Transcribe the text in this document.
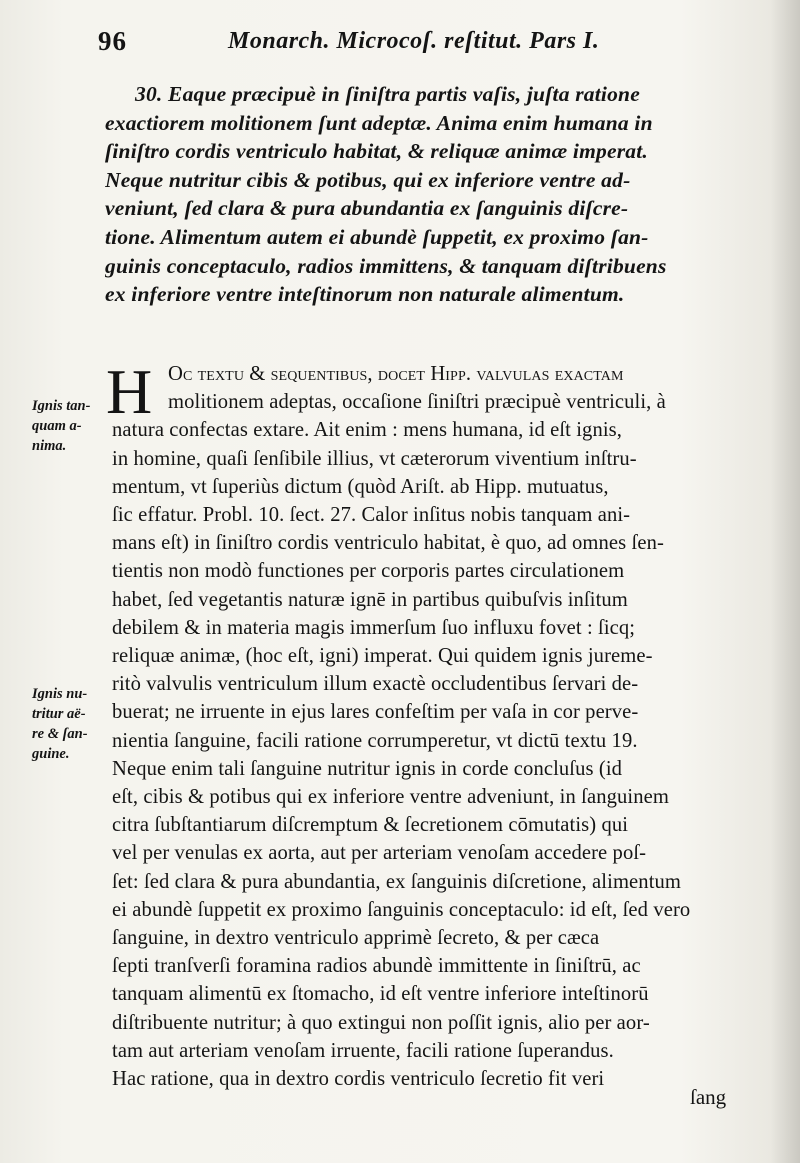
96	Monarch. Microcoſ. reſtitut. Pars I.
30. Eaque præcipuè in ſiniſtra partis vaſis, juſta ratione
exactiorem molitionem ſunt adeptæ. Anima enim humana in
ſiniſtro cordis ventriculo habitat, & reliquæ animæ imperat.
Neque nutritur cibis & potibus, qui ex inferiore ventre ad-
veniunt, ſed clara & pura abundantia ex ſanguinis diſcre-
tione. Alimentum autem ei abundè ſuppetit, ex proximo ſan-
guinis conceptaculo, radios immittens, & tanquam diſtribuens
ex inferiore ventre inteſtinorum non naturale alimentum.
H Oc textu & ſequentibus, docet Hipp. valvulas exactam
molitionem adeptas, occaſione ſiniſtri præcipuè ventriculi, à
natura confectas extare. Ait enim : mens humana, id eſt ignis,
in homine, quaſi ſenſibile illius, vt cæterorum viventium inſtru-
mentum, vt ſuperiùs dictum (quòd Ariſt. ab Hipp. mutuatus,
ſic effatur. Probl. 10. ſect. 27. Calor inſitus nobis tanquam ani-
mans eſt) in ſiniſtro cordis ventriculo habitat, è quo, ad omnes ſen-
tientis non modò functiones per corporis partes circulationem
habet, ſed vegetantis naturæ ignē in partibus quibuſvis inſitum
debilem & in materia magis immerſum ſuo influxu fovet : ſicq;
reliquæ animæ, (hoc eſt, igni) imperat. Qui quidem ignis jureme-
ritò valvulis ventriculum illum exactè occludentibus ſervari de-
buerat; ne irruente in ejus lares confeſtim per vaſa in cor perve-
nientia ſanguine, facili ratione corrumperetur, vt dictū textu 19.
Neque enim tali ſanguine nutritur ignis in corde concluſus (id
eſt, cibis & potibus qui ex inferiore ventre adveniunt, in ſanguinem
citra ſubſtantiarum diſcremptum & ſecretionem cōmutatis) qui
vel per venulas ex aorta, aut per arteriam venoſam accedere poſ-
ſet: ſed clara & pura abundantia, ex ſanguinis diſcretione, alimentum
ei abundè ſuppetit ex proximo ſanguinis conceptaculo: id eſt, ſed vero
ſanguine, in dextro ventriculo apprimè ſecreto, & per cæca
ſepti tranſverſi foramina radios abundè immittente in ſiniſtrū, ac
tanquam alimentū ex ſtomacho, id eſt ventre inferiore inteſtinorū
diſtribuente nutritur; à quo extingui non poſſit ignis, alio per aor-
tam aut arteriam venoſam irruente, facili ratione ſuperandus.
Hac ratione, qua in dextro cordis ventriculo ſecretio fit veri
Ignis tan-
quam a-
nima.
Ignis nu-
tritur aë-
re & ſan-
guine.
ſang
